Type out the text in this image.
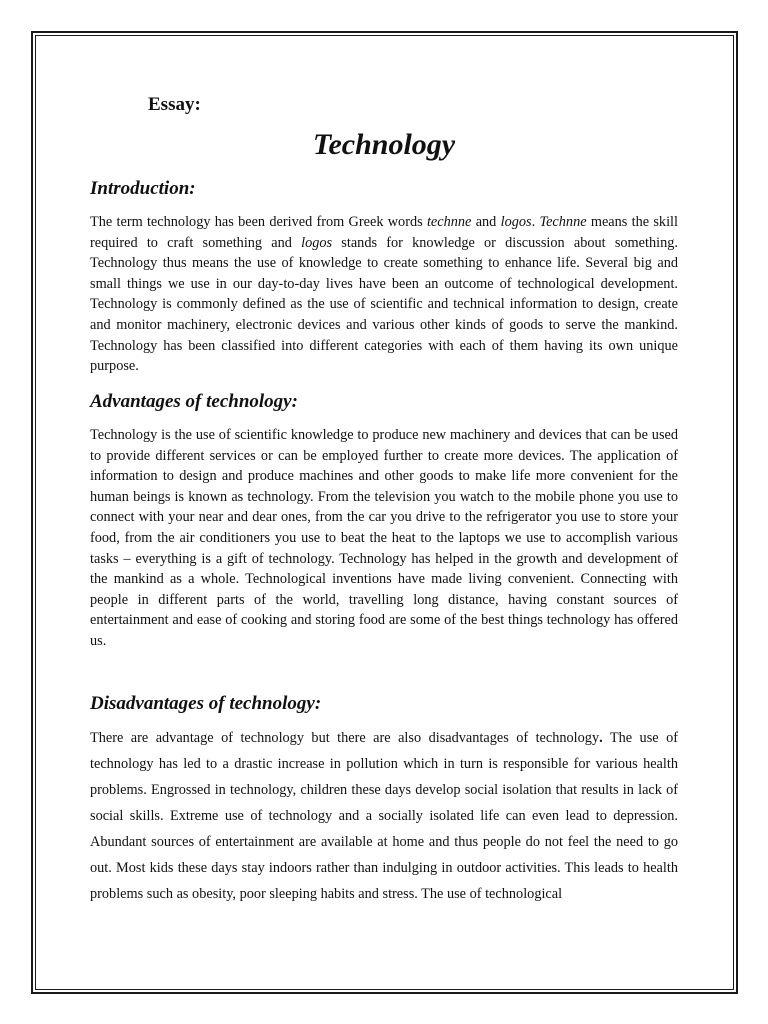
Essay:

Technology
Introduction:

The term technology has been derived from Greek words technne and logos. Technne means the skill required to craft something and logos stands for knowledge or discussion about something. Technology thus means the use of knowledge to create something to enhance life. Several big and small things we use in our day-to-day lives have been an outcome of technological development. Technology is commonly defined as the use of scientific and technical information to design, create and monitor machinery, electronic devices and various other kinds of goods to serve the mankind. Technology has been classified into different categories with each of them having its own unique purpose.

Advantages of technology:

Technology is the use of scientific knowledge to produce new machinery and devices that can be used to provide different services or can be employed further to create more devices. The application of information to design and produce machines and other goods to make life more convenient for the human beings is known as technology. From the television you watch to the mobile phone you use to connect with your near and dear ones, from the car you drive to the refrigerator you use to store your food, from the air conditioners you use to beat the heat to the laptops we use to accomplish various tasks – everything is a gift of technology. Technology has helped in the growth and development of the mankind as a whole. Technological inventions have made living convenient. Connecting with people in different parts of the world, travelling long distance, having constant sources of entertainment and ease of cooking and storing food are some of the best things technology has offered us.

Disadvantages of technology:

There are advantage of technology but there are also disadvantages of technology. The use of technology has led to a drastic increase in pollution which in turn is responsible for various health problems. Engrossed in technology, children these days develop social isolation that results in lack of social skills. Extreme use of technology and a socially isolated life can even lead to depression. Abundant sources of entertainment are available at home and thus people do not feel the need to go out. Most kids these days stay indoors rather than indulging in outdoor activities. This leads to health problems such as obesity, poor sleeping habits and stress. The use of technological
